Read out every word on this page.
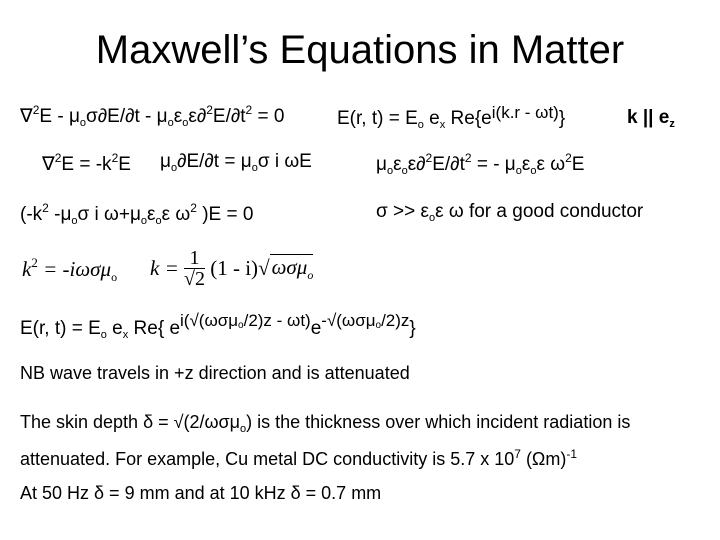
Maxwell’s Equations in Matter
$\nabla^2E - \mu_o\sigma\partial E/\partial t - \mu_o\varepsilon_o\varepsilon\partial^2E/\partial t^2 = 0$	E(r, $t) = E_o$ $e_x$ Re{ei(k.r - ωt)}	k || $e_z$
$\nabla^2E = -k^2E$ $\mu_o\partial E/\partial t = \mu_o\sigma$ i ωE	$\mu_o\varepsilon_o\varepsilon\partial^2E/\partial t^2$ = - $\mu_o\varepsilon_o\varepsilon$ $\omega^2E$
($-k^2$ $-\mu_o\sigma$ i $\omega+\mu_o\varepsilon_o\varepsilon$ $\omega^2$ )E = 0	$\sigma >> \varepsilon_o\varepsilon$ ω for a good conductor
$k^2 = -i\omega\sigma\mu_o$ $k = \frac{1}{√2} (1 - i)√\omega\sigma\mu_o$
E(r, $t) = E_o$ $e_x$ Re{ ei(√(ωσμ$^o$/2)z - ωt)e-√(ωσμ$^o$/2)z}
NB wave travels in +z direction and is attenuated
The skin depth δ = √(2/ωσμ$_o$) is the thickness over which incident radiation is attenuated. For example, Cu metal DC conductivity is 5.7 x $10^7$ $(\Omega m)^{-1}$
At 50 Hz δ = 9 mm and at 10 kHz δ = 0.7 mm
